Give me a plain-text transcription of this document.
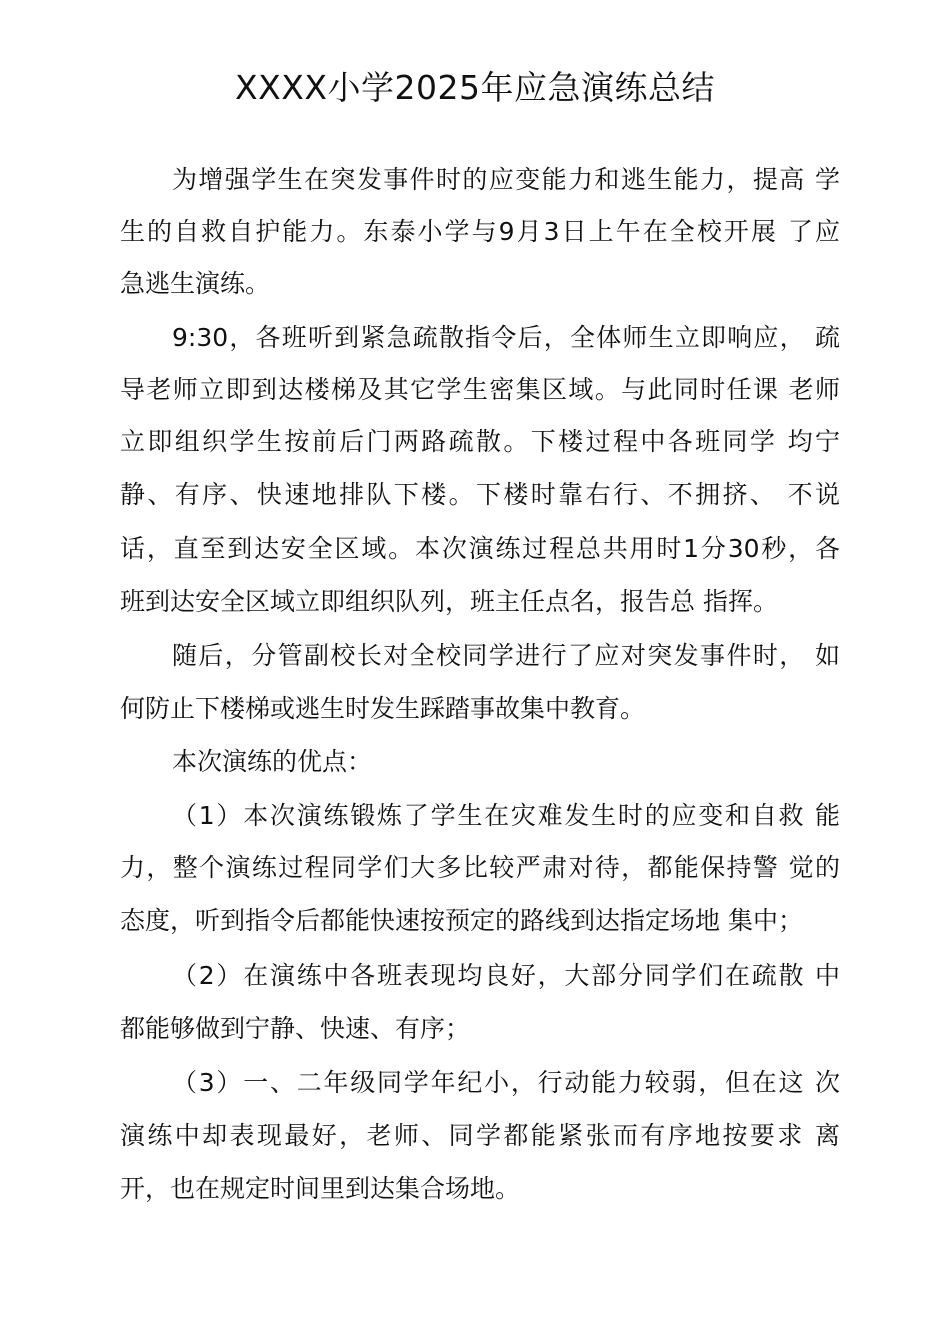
XXXX小学2025年应急演练总结
为增强学生在突发事件时的应变能力和逃生能力，提高 学
生的自救自护能力。东泰小学与9月3日上午在全校开展 了应
急逃生演练。
9:30，各班听到紧急疏散指令后，全体师生立即响应， 疏
导老师立即到达楼梯及其它学生密集区域。与此同时任课 老师
立即组织学生按前后门两路疏散。下楼过程中各班同学 均宁
静、有序、快速地排队下楼。下楼时靠右行、不拥挤、 不说
话，直至到达安全区域。本次演练过程总共用时1分30秒，各
班到达安全区域立即组织队列，班主任点名，报告总 指挥。
随后，分管副校长对全校同学进行了应对突发事件时， 如
何防止下楼梯或逃生时发生踩踏事故集中教育。
本次演练的优点：
（1）本次演练锻炼了学生在灾难发生时的应变和自救 能
力，整个演练过程同学们大多比较严肃对待，都能保持警 觉的
态度，听到指令后都能快速按预定的路线到达指定场地 集中；
（2）在演练中各班表现均良好，大部分同学们在疏散 中
都能够做到宁静、快速、有序；
（3）一、二年级同学年纪小，行动能力较弱，但在这 次
演练中却表现最好，老师、同学都能紧张而有序地按要求 离
开，也在规定时间里到达集合场地。
